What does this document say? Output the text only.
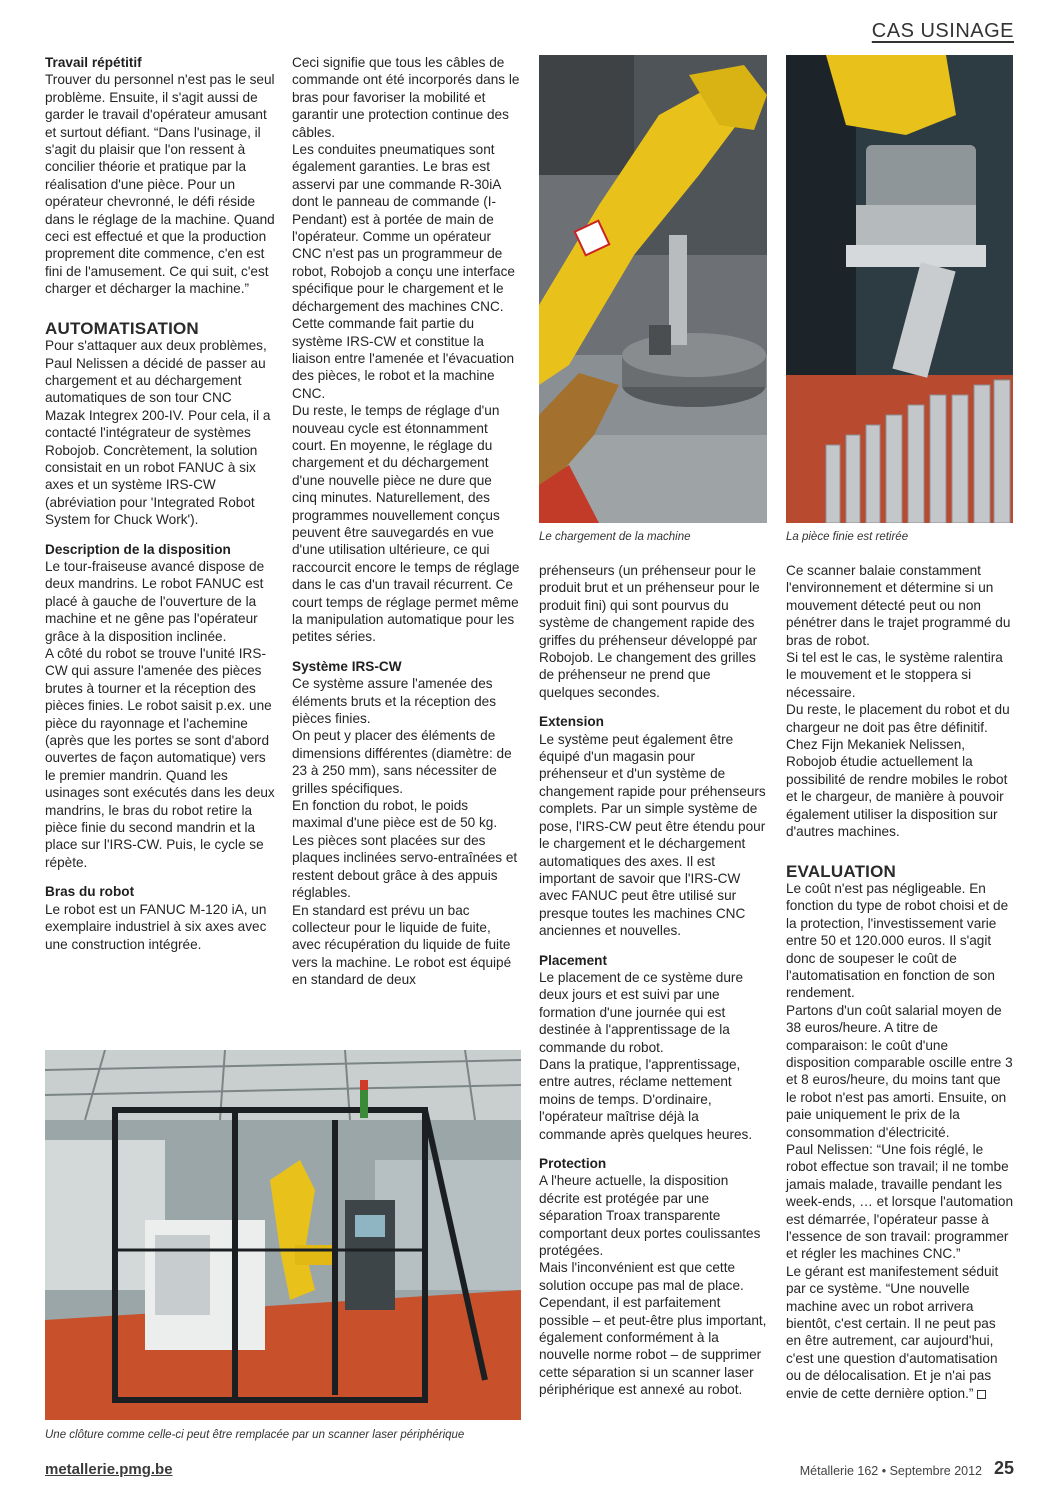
CAS USINAGE

Travail répétitif

Trouver du personnel n'est pas le seul problème. Ensuite, il s'agit aussi de garder le travail d'opérateur amusant et surtout défiant. “Dans l'usinage, il s'agit du plaisir que l'on ressent à concilier théorie et pratique par la réalisation d'une pièce. Pour un opérateur chevronné, le défi réside dans le réglage de la machine. Quand ceci est effectué et que la production proprement dite commence, c'en est fini de l'amusement. Ce qui suit, c'est charger et décharger la machine.”

AUTOMATISATION

Pour s'attaquer aux deux problèmes, Paul Nelissen a décidé de passer au chargement et au déchargement automatiques de son tour CNC Mazak Integrex 200-IV. Pour cela, il a contacté l'intégrateur de systèmes Robojob. Concrètement, la solution consistait en un robot FANUC à six axes et un système IRS-CW (abréviation pour 'Integrated Robot System for Chuck Work').

Description de la disposition

Le tour-fraiseuse avancé dispose de deux mandrins. Le robot FANUC est placé à gauche de l'ouverture de la machine et ne gêne pas l'opérateur grâce à la disposition inclinée.

A côté du robot se trouve l'unité IRS-CW qui assure l'amenée des pièces brutes à tourner et la réception des pièces finies. Le robot saisit p.ex. une pièce du rayonnage et l'achemine (après que les portes se sont d'abord ouvertes de façon automatique) vers le premier mandrin. Quand les usinages sont exécutés dans les deux mandrins, le bras du robot retire la pièce finie du second mandrin et la place sur l'IRS-CW. Puis, le cycle se répète.

Bras du robot

Le robot est un FANUC M-120 iA, un exemplaire industriel à six axes avec une construction intégrée.

Ceci signifie que tous les câbles de commande ont été incorporés dans le bras pour favoriser la mobilité et garantir une protection continue des câbles.

Les conduites pneumatiques sont également garanties. Le bras est asservi par une commande R-30iA dont le panneau de commande (I-Pendant) est à portée de main de l'opérateur. Comme un opérateur CNC n'est pas un programmeur de robot, Robojob a conçu une interface spécifique pour le chargement et le déchargement des machines CNC. Cette commande fait partie du système IRS-CW et constitue la liaison entre l'amenée et l'évacuation des pièces, le robot et la machine CNC.

Du reste, le temps de réglage d'un nouveau cycle est étonnamment court. En moyenne, le réglage du chargement et du déchargement d'une nouvelle pièce ne dure que cinq minutes. Naturellement, des programmes nouvellement conçus peuvent être sauvegardés en vue d'une utilisation ultérieure, ce qui raccourcit encore le temps de réglage dans le cas d'un travail récurrent. Ce court temps de réglage permet même la manipulation automatique pour les petites séries.

Système IRS-CW

Ce système assure l'amenée des éléments bruts et la réception des pièces finies.

On peut y placer des éléments de dimensions différentes (diamètre: de 23 à 250 mm), sans nécessiter de grilles spécifiques.

En fonction du robot, le poids maximal d'une pièce est de 50 kg. Les pièces sont placées sur des plaques inclinées servo-entraînées et restent debout grâce à des appuis réglables.

En standard est prévu un bac collecteur pour le liquide de fuite, avec récupération du liquide de fuite vers la machine. Le robot est équipé en standard de deux

Le chargement de la machine	La pièce finie est retirée

préhenseurs (un préhenseur pour le produit brut et un préhenseur pour le produit fini) qui sont pourvus du système de changement rapide des griffes du préhenseur développé par Robojob. Le changement des grilles de préhenseur ne prend que quelques secondes.

Extension

Le système peut également être équipé d'un magasin pour préhenseur et d'un système de changement rapide pour préhenseurs complets. Par un simple système de pose, l'IRS-CW peut être étendu pour le chargement et le déchargement automatiques des axes. Il est important de savoir que l'IRS-CW avec FANUC peut être utilisé sur presque toutes les machines CNC anciennes et nouvelles.

Placement

Le placement de ce système dure deux jours et est suivi par une formation d'une journée qui est destinée à l'apprentissage de la commande du robot.

Dans la pratique, l'apprentissage, entre autres, réclame nettement moins de temps. D'ordinaire, l'opérateur maîtrise déjà la commande après quelques heures.

Protection

A l'heure actuelle, la disposition décrite est protégée par une séparation Troax transparente comportant deux portes coulissantes protégées.

Mais l'inconvénient est que cette solution occupe pas mal de place. Cependant, il est parfaitement possible – et peut-être plus important, également conformément à la nouvelle norme robot – de supprimer cette séparation si un scanner laser périphérique est annexé au robot.

Ce scanner balaie constamment l'environnement et détermine si un mouvement détecté peut ou non pénétrer dans le trajet programmé du bras de robot.

Si tel est le cas, le système ralentira le mouvement et le stoppera si nécessaire.

Du reste, le placement du robot et du chargeur ne doit pas être définitif. Chez Fijn Mekaniek Nelissen, Robojob étudie actuellement la possibilité de rendre mobiles le robot et le chargeur, de manière à pouvoir également utiliser la disposition sur d'autres machines.

EVALUATION

Le coût n'est pas négligeable. En fonction du type de robot choisi et de la protection, l'investissement varie entre 50 et 120.000 euros. Il s'agit donc de soupeser le coût de l'automatisation en fonction de son rendement.

Partons d'un coût salarial moyen de 38 euros/heure. A titre de comparaison: le coût d'une disposition comparable oscille entre 3 et 8 euros/heure, du moins tant que le robot n'est pas amorti. Ensuite, on paie uniquement le prix de la consommation d'électricité.

Paul Nelissen: “Une fois réglé, le robot effectue son travail; il ne tombe jamais malade, travaille pendant les week-ends, … et lorsque l'automation est démarrée, l'opérateur passe à l'essence de son travail: programmer et régler les machines CNC.”

Le gérant est manifestement séduit par ce système. “Une nouvelle machine avec un robot arrivera bientôt, c'est certain. Il ne peut pas en être autrement, car aujourd'hui, c'est une question d'automatisation ou de délocalisation. Et je n'ai pas envie de cette dernière option.”

Une clôture comme celle-ci peut être remplacée par un scanner laser périphérique
metallerie.pmg.be	Métallerie 162 • Septembre 2012 25
